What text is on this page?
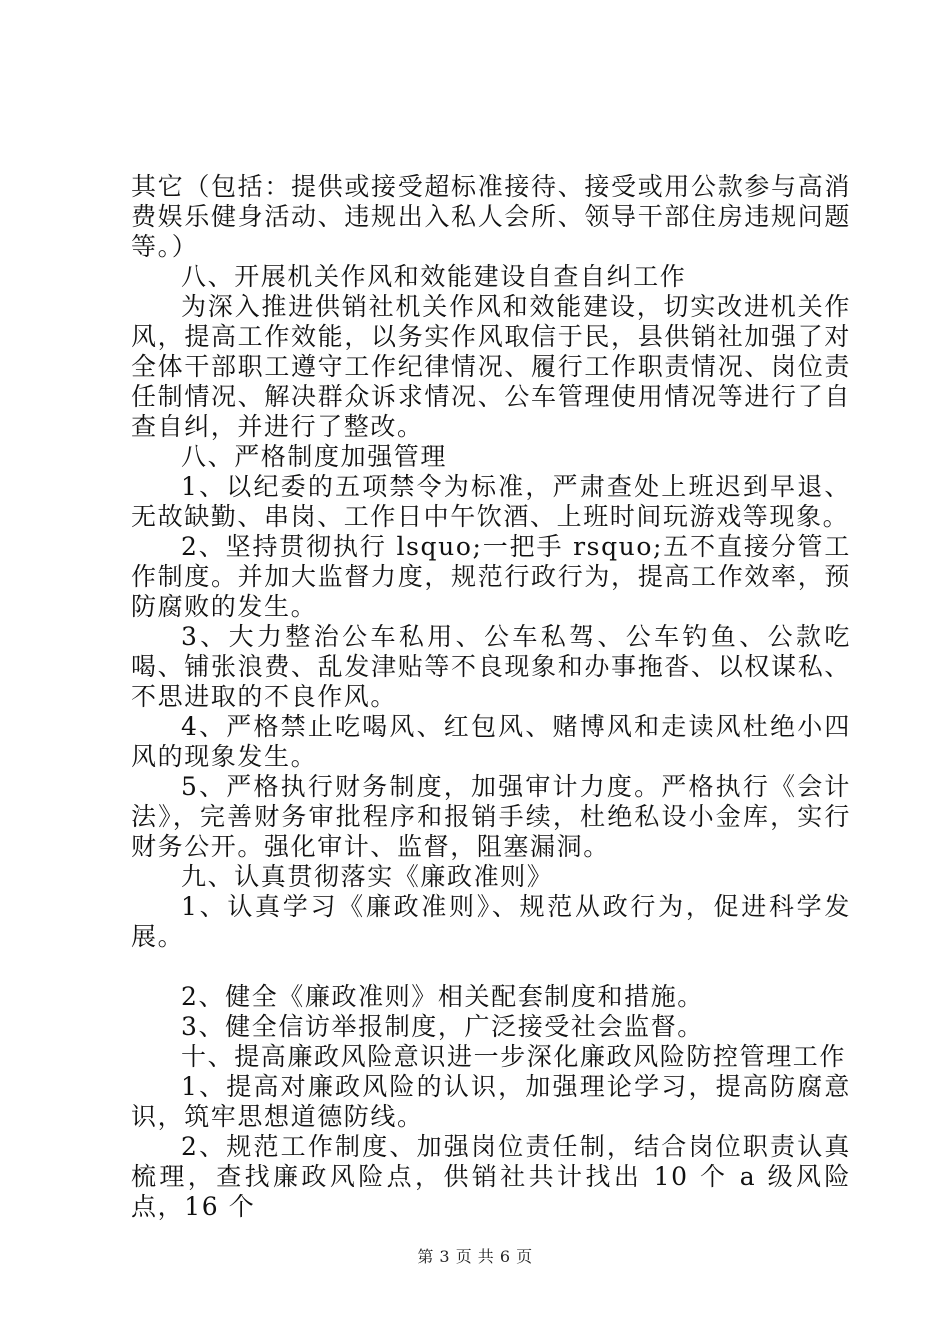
其它（包括：提供或接受超标准接待、接受或用公款参与高消费娱乐健身活动、违规出入私人会所、领导干部住房违规问题等。）

八、开展机关作风和效能建设自查自纠工作

为深入推进供销社机关作风和效能建设，切实改进机关作风，提高工作效能，以务实作风取信于民，县供销社加强了对全体干部职工遵守工作纪律情况、履行工作职责情况、岗位责任制情况、解决群众诉求情况、公车管理使用情况等进行了自查自纠，并进行了整改。

八、严格制度加强管理

1、以纪委的五项禁令为标准，严肃查处上班迟到早退、无故缺勤、串岗、工作日中午饮酒、上班时间玩游戏等现象。

2、坚持贯彻执行 lsquo;一把手 rsquo;五不直接分管工作制度。并加大监督力度，规范行政行为，提高工作效率，预防腐败的发生。

3、大力整治公车私用、公车私驾、公车钓鱼、公款吃喝、铺张浪费、乱发津贴等不良现象和办事拖沓、以权谋私、不思进取的不良作风。

4、严格禁止吃喝风、红包风、赌博风和走读风杜绝小四风的现象发生。

5、严格执行财务制度，加强审计力度。严格执行《会计法》，完善财务审批程序和报销手续，杜绝私设小金库，实行财务公开。强化审计、监督，阻塞漏洞。

九、认真贯彻落实《廉政准则》

1、认真学习《廉政准则》、规范从政行为，促进科学发展。

2、健全《廉政准则》相关配套制度和措施。

3、健全信访举报制度，广泛接受社会监督。

十、提高廉政风险意识进一步深化廉政风险防控管理工作

1、提高对廉政风险的认识，加强理论学习，提高防腐意识，筑牢思想道德防线。

2、规范工作制度、加强岗位责任制，结合岗位职责认真梳理，查找廉政风险点，供销社共计找出 10 个 a 级风险点，16 个

第 3 页 共 6 页
